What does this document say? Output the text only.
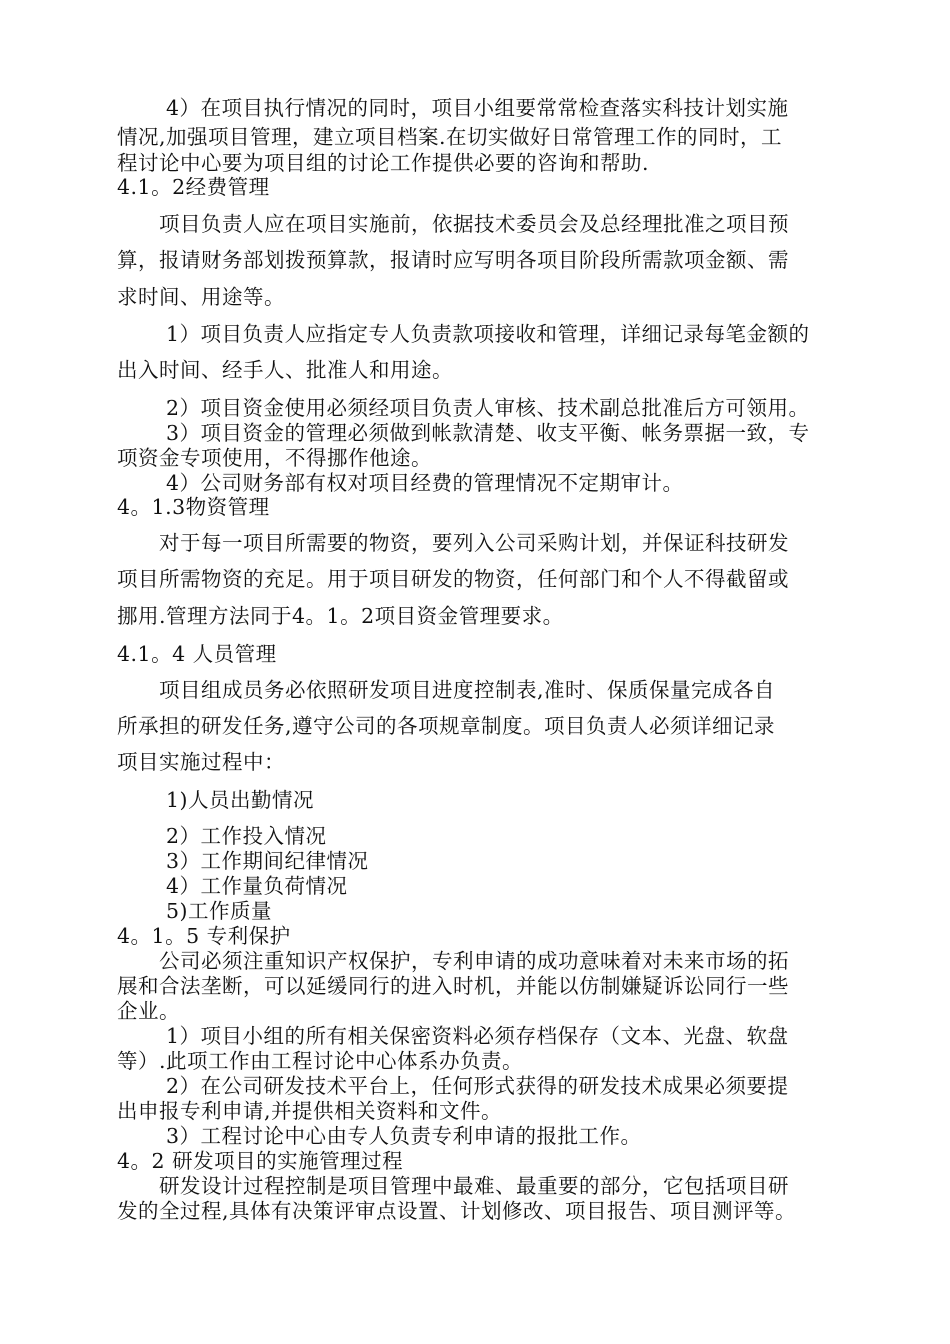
4）在项目执行情况的同时，项目小组要常常检查落实科技计划实施
情况,加强项目管理，建立项目档案.在切实做好日常管理工作的同时，工
程讨论中心要为项目组的讨论工作提供必要的咨询和帮助.
4.1。2经费管理
项目负责人应在项目实施前，依据技术委员会及总经理批准之项目预
算，报请财务部划拨预算款，报请时应写明各项目阶段所需款项金额、需
求时间、用途等。
1）项目负责人应指定专人负责款项接收和管理，详细记录每笔金额的
出入时间、经手人、批准人和用途。
2）项目资金使用必须经项目负责人审核、技术副总批准后方可领用。
3）项目资金的管理必须做到帐款清楚、收支平衡、帐务票据一致，专
项资金专项使用，不得挪作他途。
4）公司财务部有权对项目经费的管理情况不定期审计。
4。1.3物资管理
对于每一项目所需要的物资，要列入公司采购计划，并保证科技研发
项目所需物资的充足。用于项目研发的物资，任何部门和个人不得截留或
挪用.管理方法同于4。1。2项目资金管理要求。
4.1。4 人员管理
项目组成员务必依照研发项目进度控制表,准时、保质保量完成各自
所承担的研发任务,遵守公司的各项规章制度。项目负责人必须详细记录
项目实施过程中：
1)人员出勤情况
2）工作投入情况
3）工作期间纪律情况
4）工作量负荷情况
5)工作质量
4。1。5 专利保护
公司必须注重知识产权保护，专利申请的成功意味着对未来市场的拓
展和合法垄断，可以延缓同行的进入时机，并能以仿制嫌疑诉讼同行一些
企业。
1）项目小组的所有相关保密资料必须存档保存（文本、光盘、软盘
等）.此项工作由工程讨论中心体系办负责。
2）在公司研发技术平台上，任何形式获得的研发技术成果必须要提
出申报专利申请,并提供相关资料和文件。
3）工程讨论中心由专人负责专利申请的报批工作。
4。2 研发项目的实施管理过程
研发设计过程控制是项目管理中最难、最重要的部分，它包括项目研
发的全过程,具体有决策评审点设置、计划修改、项目报告、项目测评等。
